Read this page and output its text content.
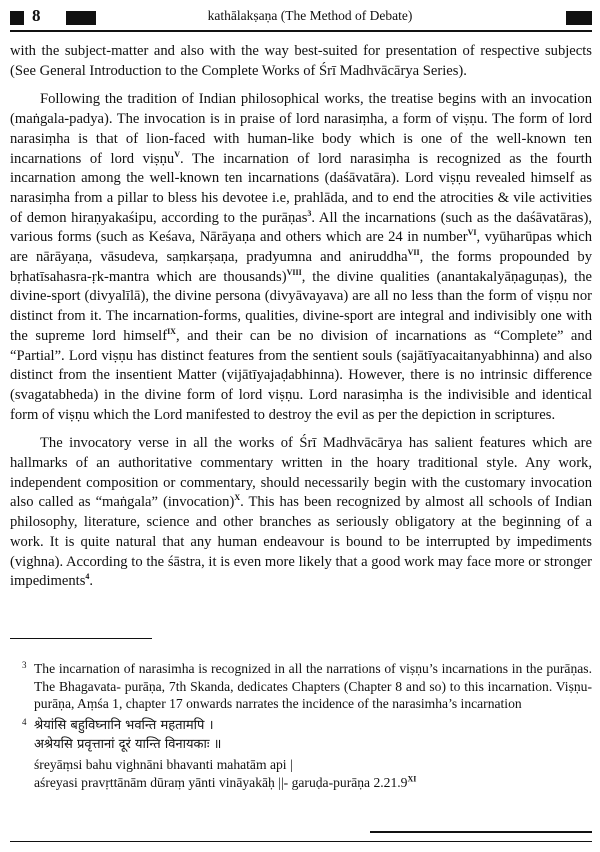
8	kathālakṣaṇa (The Method of Debate)

with the subject-matter and also with the way best-suited for presentation of respective subjects (See General Introduction to the Complete Works of Śrī Madhvācārya Series).

Following the tradition of Indian philosophical works, the treatise begins with an invocation (maṅgala-padya). The invocation is in praise of lord narasiṃha, a form of viṣṇu. The form of lord narasiṃha is that of lion-faced with human-like body which is one of the well-known ten incarnations of lord viṣṇu$^V$. The incarnation of lord narasiṃha is recognized as the fourth incarnation among the well-known ten incarnations (daśāvatāra). Lord viṣṇu revealed himself as narasiṃha from a pillar to bless his devotee i.e, prahlāda, and to end the atrocities & vile activities of demon hiraṇyakaśipu, according to the purāṇas$^3$. All the incarnations (such as the daśāvatāras), various forms (such as Keśava, Nārāyaṇa and others which are 24 in number$^{VI}$, vyūharūpas which are nārāyaṇa, vāsudeva, saṃkarṣaṇa, pradyumna and aniruddha$^{VII}$, the forms propounded by bṛhatīsahasra-ṛk-mantra which are thousands)$^{VIII}$, the divine qualities (anantakalyāṇaguṇas), the divine-sport (divyalīlā), the divine persona (divyāvayava) are all no less than the form of viṣṇu nor distinct from it. The incarnation-forms, qualities, divine-sport are integral and indivisibly one with the supreme lord himself$^{IX}$, and their can be no division of incarnations as “Complete” and “Partial”. Lord viṣṇu has distinct features from the sentient souls (sajātīyacaitanyabhinna) and also distinct from the insentient Matter (vijātīyajaḍabhinna). However, there is no intrinsic difference (svagatabheda) in the divine form of lord viṣṇu. Lord narasiṃha is the indivisible and identical form of viṣṇu which the Lord manifested to destroy the evil as per the depiction in scriptures.

The invocatory verse in all the works of Śrī Madhvācārya has salient features which are hallmarks of an authoritative commentary written in the hoary traditional style. Any work, independent composition or commentary, should necessarily begin with the customary invocation also called as “maṅgala” (invocation)$^X$. This has been recognized by almost all schools of Indian philosophy, literature, science and other branches as seriously obligatory at the beginning of a work. It is quite natural that any human endeavour is bound to be interrupted by impediments (vighna). According to the śāstra, it is even more likely that a good work may face more or stronger impediments$^4$.

3 The incarnation of narasimha is recognized in all the narrations of viṣṇu’s incarnations in the purāṇas. The Bhagavata- purāṇa, 7th Skanda, dedicates Chapters (Chapter 8 and so) to this incarnation. Viṣṇu-purāṇa, Aṃśa 1, chapter 17 onwards narrates the incidence of the narasimha’s incarnation
4 श्रेयांसि बहुविघ्नानि भवन्ति महतामपि ।
अश्रेयसि प्रवृत्तानां दूरं यान्ति विनायकाः ॥
śreyāṃsi bahu vighnāni bhavanti mahatām api |
aśreyasi pravṛttānām dūraṃ yānti vināyakāḥ ||- garuḍa-purāṇa $2.21.9^{XI}$
